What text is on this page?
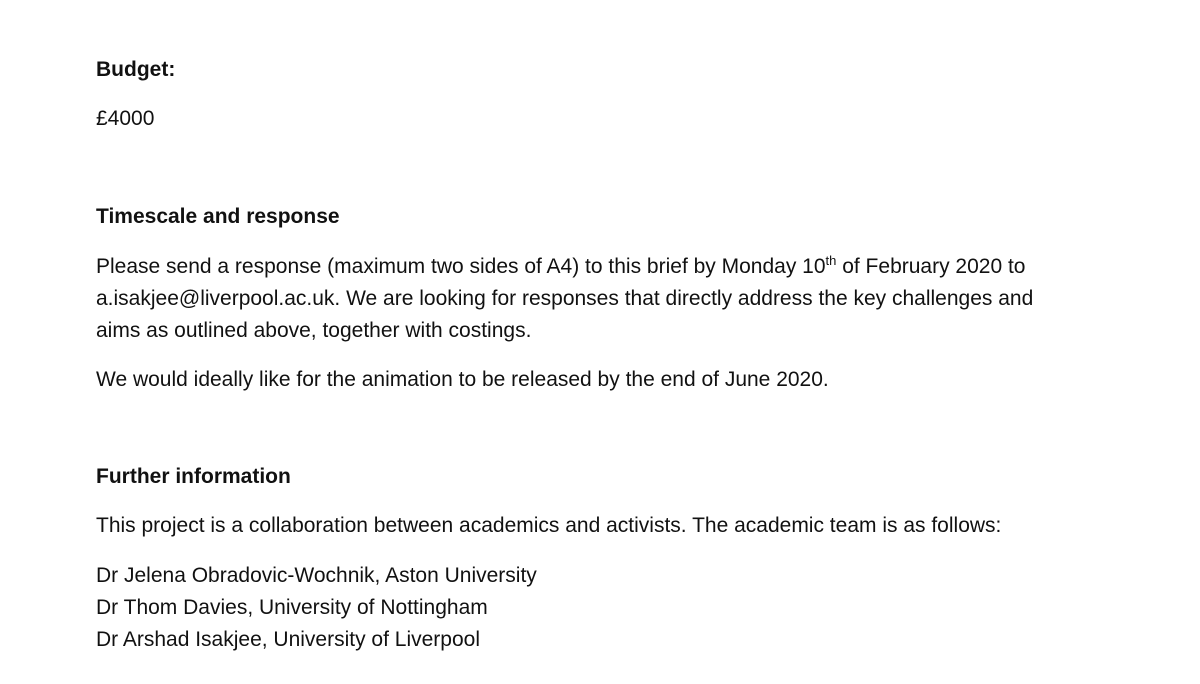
Budget:
£4000
Timescale and response
Please send a response (maximum two sides of A4) to this brief by Monday 10th of February 2020 to
a.isakjee@liverpool.ac.uk. We are looking for responses that directly address the key challenges and
aims as outlined above, together with costings.
We would ideally like for the animation to be released by the end of June 2020.
Further information
This project is a collaboration between academics and activists. The academic team is as follows:
Dr Jelena Obradovic-Wochnik, Aston University
Dr Thom Davies, University of Nottingham
Dr Arshad Isakjee, University of Liverpool
